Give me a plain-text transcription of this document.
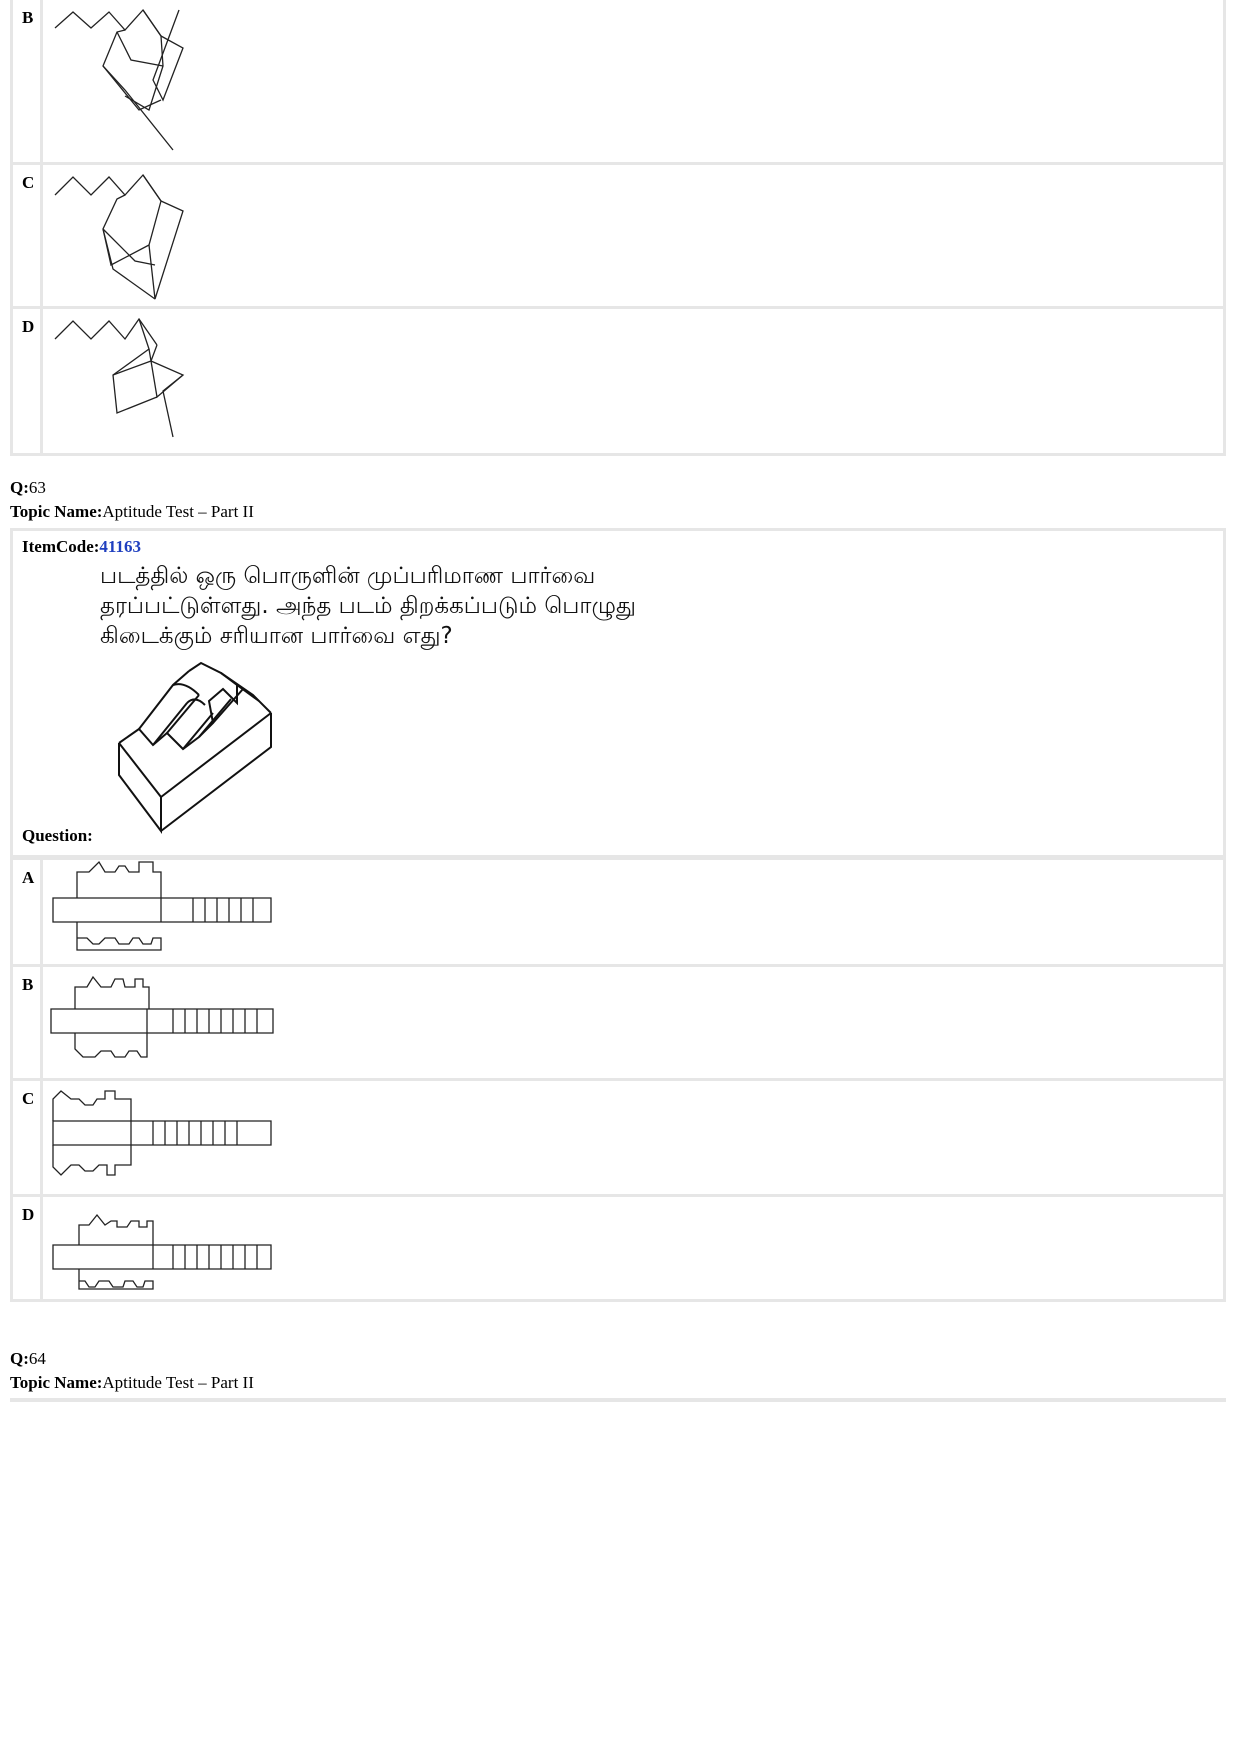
B
C
D
Q:63
Topic Name:Aptitude Test – Part II
ItemCode:41163
படத்தில் ஒரு பொருளின் முப்பரிமாண பார்வை
தரப்பட்டுள்ளது. அந்த படம் திறக்கப்படும் பொழுது
கிடைக்கும் சரியான பார்வை எது?
Question:
A
B
C
D
Q:64
Topic Name:Aptitude Test – Part II
